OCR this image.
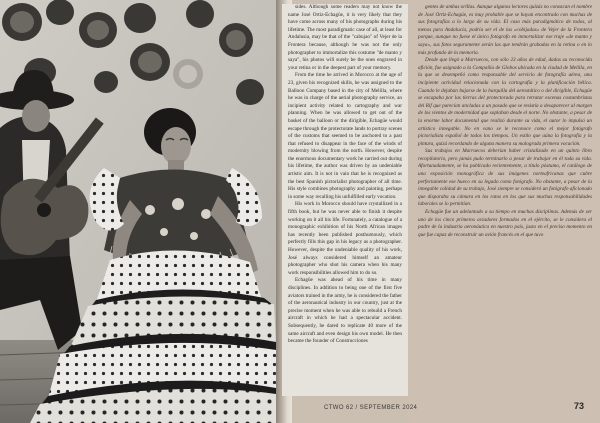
sides. Although some readers may not know the name José Ortiz-Echagüe, it is very likely that they have come across many of his photographs during his lifetime. The most paradigmatic case of all, at least for Andalusia, may be that of the "cabujao" of Vejer de la Frontera because, although he was not the only photographer to immortalize this costume "de manto y saya", his photos will surely be the ones engraved in your retina or in the deepest part of your memory.

From the time he arrived in Morocco at the age of 23, given his recognized skills, he was assigned to the Balloon Company based in the city of Melilla, where he was in charge of the aerial photography service, an incipient activity related to cartography and war planning. When he was allowed to get out of the basket of the balloon or the dirigible, Echagüe would escape through the protectorate lands to portray scenes of the customs that seemed to be anchored to a past that refused to disappear in the face of the winds of modernity blowing from the north. However, despite the enormous documentary work he carried out during his lifetime, the author was driven by an undeniable artistic aim. It is not in vain that he is recognized as the best Spanish pictorialist photographer of all time. His style combines photography and painting, perhaps in some way recalling his unfulfilled early vocation.

His work in Morocco should have crystallized in a fifth book, but he was never able to finish it despite working on it all his life. Fortunately, a catalogue of a monographic exhibition of his North African images has recently been published posthumously, which perfectly fills this gap in his legacy as a photographer. However, despite the undeniable quality of his work, José always considered himself an amateur photographer who shot his camera when his many work responsibilities allowed him to do so.

Echagüe was ahead of his time in many disciplines. In addition to being one of the first five aviators trained in the army, he is considered the father of the aeronautical industry in our country, just at the precise moment when he was able to rebuild a French aircraft in which he had a spectacular accident. Subsequently, he dared to replicate 40 more of the same aircraft and even design his own model. He then became the founder of Construcciones

gentes de ambas orillas. Aunque algunos lectores quizás no conozcan el nombre de José Ortiz-Echagüe, es muy probable que se hayan encontrado con muchas de sus fotografías a lo largo de su vida. El caso más paradigmático de todos, al menos para Andalucía, podría ser el de las «cobijadas» de Vejer de la Frontera porque, aunque no fuese el único fotógrafo en inmortalizar ese traje «de manto y saya», sus fotos seguramente serán las que tendrán grabadas en la retina o en lo más profundo de la memoria.

Desde que llegó a Marruecos, con sólo 23 años de edad, dadas su reconocida afición, fue asignado a la Compañía de Globos ubicada en la ciudad de Melilla, en la que se desempeñó como responsable del servicio de fotografía aérea, una incipiente actividad relacionada con la cartografía y la planificación bélica. Cuando le dejaban bajarse de la barquilla del aerostático o del dirigible, Echagüe se escapaba por las tierras del protectorado para retratar escenas costumbristas del Rif que parecían ancladas a un pasado que se resistía a desaparecer al margen de los vientos de modernidad que soplaban desde el norte. No obstante, a pesar de la enorme labor documental que realizó durante su vida, el autor lo impulsó un artístico innegable. No en vano se le reconoce como el mejor fotógrafo pictorialista español de todos los tiempos. Un estilo que aúna la fotografía y la pintura, quizá recordando de alguna manera su malograda primera vocación.

Sus trabajos en Marruecos deberían haber cristalizado en un quinto libro recopilatorio, pero jamás pudo terminarlo a pesar de trabajar en él toda su vida. Afortunadamente, se ha publicado recientemente, a título póstumo, el catálogo de una exposición monográfica de sus imágenes norteafricanas que cubre perfectamente ese hueco en su legado como fotógrafo. No obstante, a pesar de la innegable calidad de su trabajo, José siempre se consideró un fotógrafo aficionado que disparaba su cámara en los ratos en los que sus muchas responsabilidades laborales se lo permitían.

Echagüe fue un adelantado a su tiempo en muchas disciplinas. Además de ser uno de los cinco primeros aviadores formados en el ejército, se le considera el padre de la industria aeronáutica en nuestro país, justo en el preciso momento en que fue capaz de reconstruir un avión francés en el que tuvo

CTWO 62 / SEPTEMBER 2024	73
